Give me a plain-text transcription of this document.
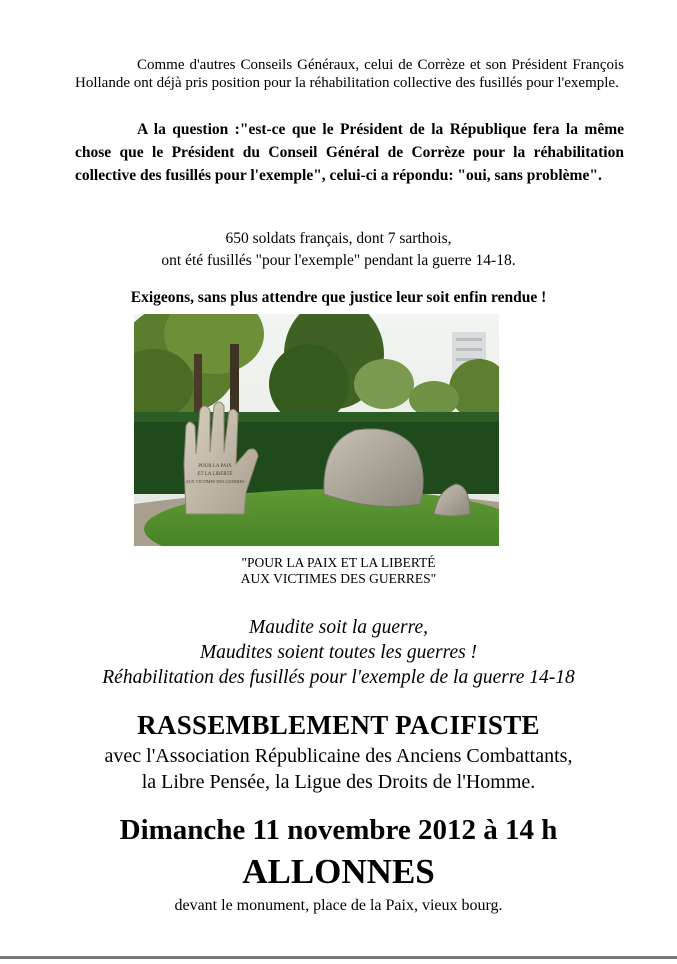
Comme d'autres Conseils Généraux, celui de Corrèze et son Président François Hollande ont déjà pris position pour la réhabilitation collective des fusillés pour l'exemple.

A la question :"est-ce que le Président de la République fera la même chose que le Président du Conseil Général de Corrèze pour la réhabilitation collective des fusillés pour l'exemple", celui-ci a répondu: "oui, sans problème".

650 soldats français, dont 7 sarthois,
ont été fusillés "pour l'exemple" pendant la guerre 14-18.
Exigeons, sans plus attendre que justice leur soit enfin rendue !
POUR LA PAIX
ET LA LIBERTÉ
AUX VICTIMES DES GUERRES
"POUR LA PAIX ET LA LIBERTÉ
AUX VICTIMES DES GUERRES"
Maudite soit la guerre,
Maudites soient toutes les guerres !
Réhabilitation des fusillés pour l'exemple de la guerre 14-18
RASSEMBLEMENT PACIFISTE
avec l'Association Républicaine des Anciens Combattants,
la Libre Pensée, la Ligue des Droits de l'Homme.
Dimanche 11 novembre 2012 à 14 h
ALLONNES
devant le monument, place de la Paix, vieux bourg.
